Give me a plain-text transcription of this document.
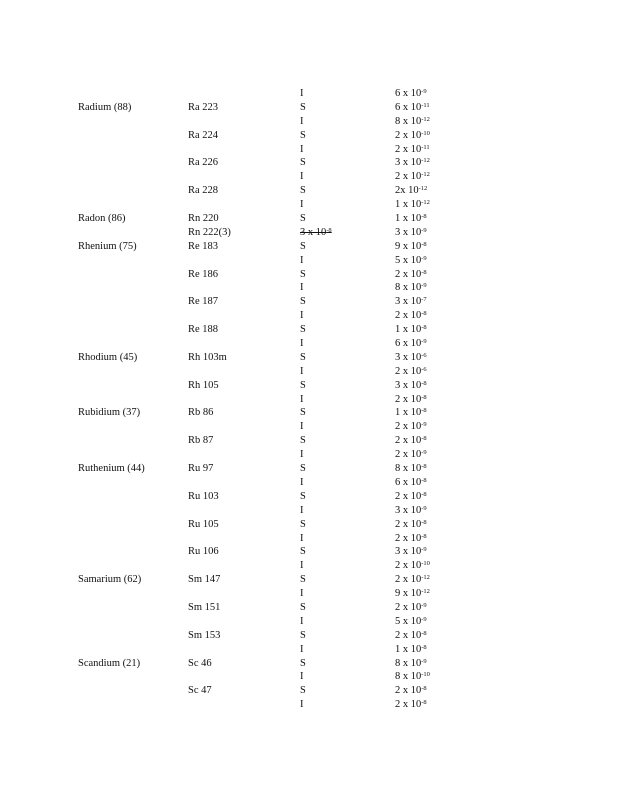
I	6 x $10^{-9}$
Radium (88)	Ra 223	S	6 x $10^{-11}$
I	8 x $10^{-12}$
Ra 224	S	2 x $10^{-10}$
I	2 x $10^{-11}$
Ra 226	S	3 x $10^{-12}$
I	2 x $10^{-12}$
Ra 228	S	2x $10^{-12}$
I	1 x $10^{-12}$
Radon (86)	Rn 220	S	1 x $10^{-8}$
Rn 222(3)	3 x $10^{-8}$	3 x $10^{-9}$
Rhenium (75)	Re 183	S	9 x $10^{-8}$
I	5 x $10^{-9}$
Re 186	S	2 x $10^{-8}$
I	8 x $10^{-9}$
Re 187	S	3 x $10^{-7}$
I	2 x $10^{-8}$
Re 188	S	1 x $10^{-8}$
I	6 x $10^{-9}$
Rhodium (45)	Rh 103m	S	3 x $10^{-6}$
I	2 x $10^{-6}$
Rh 105	S	3 x $10^{-8}$
I	2 x $10^{-8}$
Rubidium (37)	Rb 86	S	1 x $10^{-8}$
I	2 x $10^{-9}$
Rb 87	S	2 x $10^{-8}$
I	2 x $10^{-9}$
Ruthenium (44)	Ru 97	S	8 x $10^{-8}$
I	6 x $10^{-8}$
Ru 103	S	2 x $10^{-8}$
I	3 x $10^{-9}$
Ru 105	S	2 x $10^{-8}$
I	2 x $10^{-8}$
Ru 106	S	3 x $10^{-9}$
I	2 x $10^{-10}$
Samarium (62)	Sm 147	S	2 x $10^{-12}$
I	9 x $10^{-12}$
Sm 151	S	2 x $10^{-9}$
I	5 x $10^{-9}$
Sm 153	S	2 x $10^{-8}$
I	1 x $10^{-8}$
Scandium (21)	Sc 46	S	8 x $10^{-9}$
I	8 x $10^{-10}$
Sc 47	S	2 x $10^{-8}$
I	2 x $10^{-8}$
